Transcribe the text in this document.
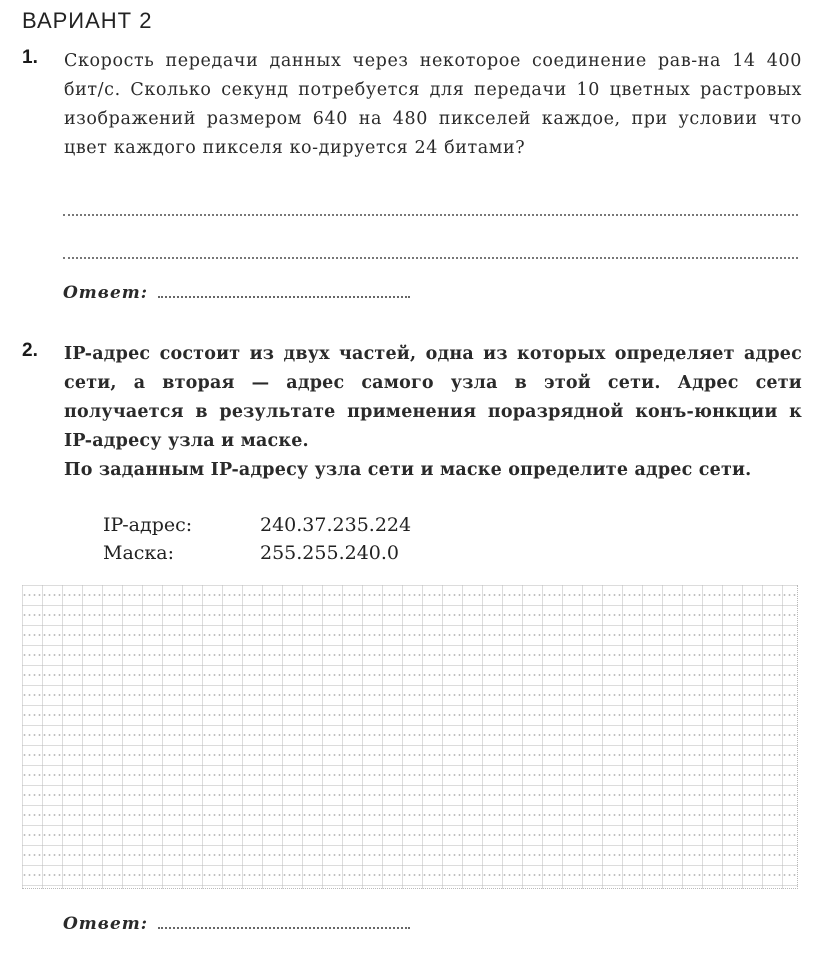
ВАРИАНТ 2
1. Скорость передачи данных через некоторое соединение рав-на 14 400 бит/с. Сколько секунд потребуется для передачи 10 цветных растровых изображений размером 640 на 480 пикселей каждое, при условии что цвет каждого пикселя ко-дируется 24 битами?
Ответ:
2. IP-адрес состоит из двух частей, одна из которых определяет адрес сети, а вторая — адрес самого узла в этой сети. Адрес сети получается в результате применения поразрядной конъ-юнкции к IP-адресу узла и маске.
По заданным IP-адресу узла сети и маске определите адрес сети.
IP-адрес:	240.37.235.224
Маска:	255.255.240.0
Ответ:
